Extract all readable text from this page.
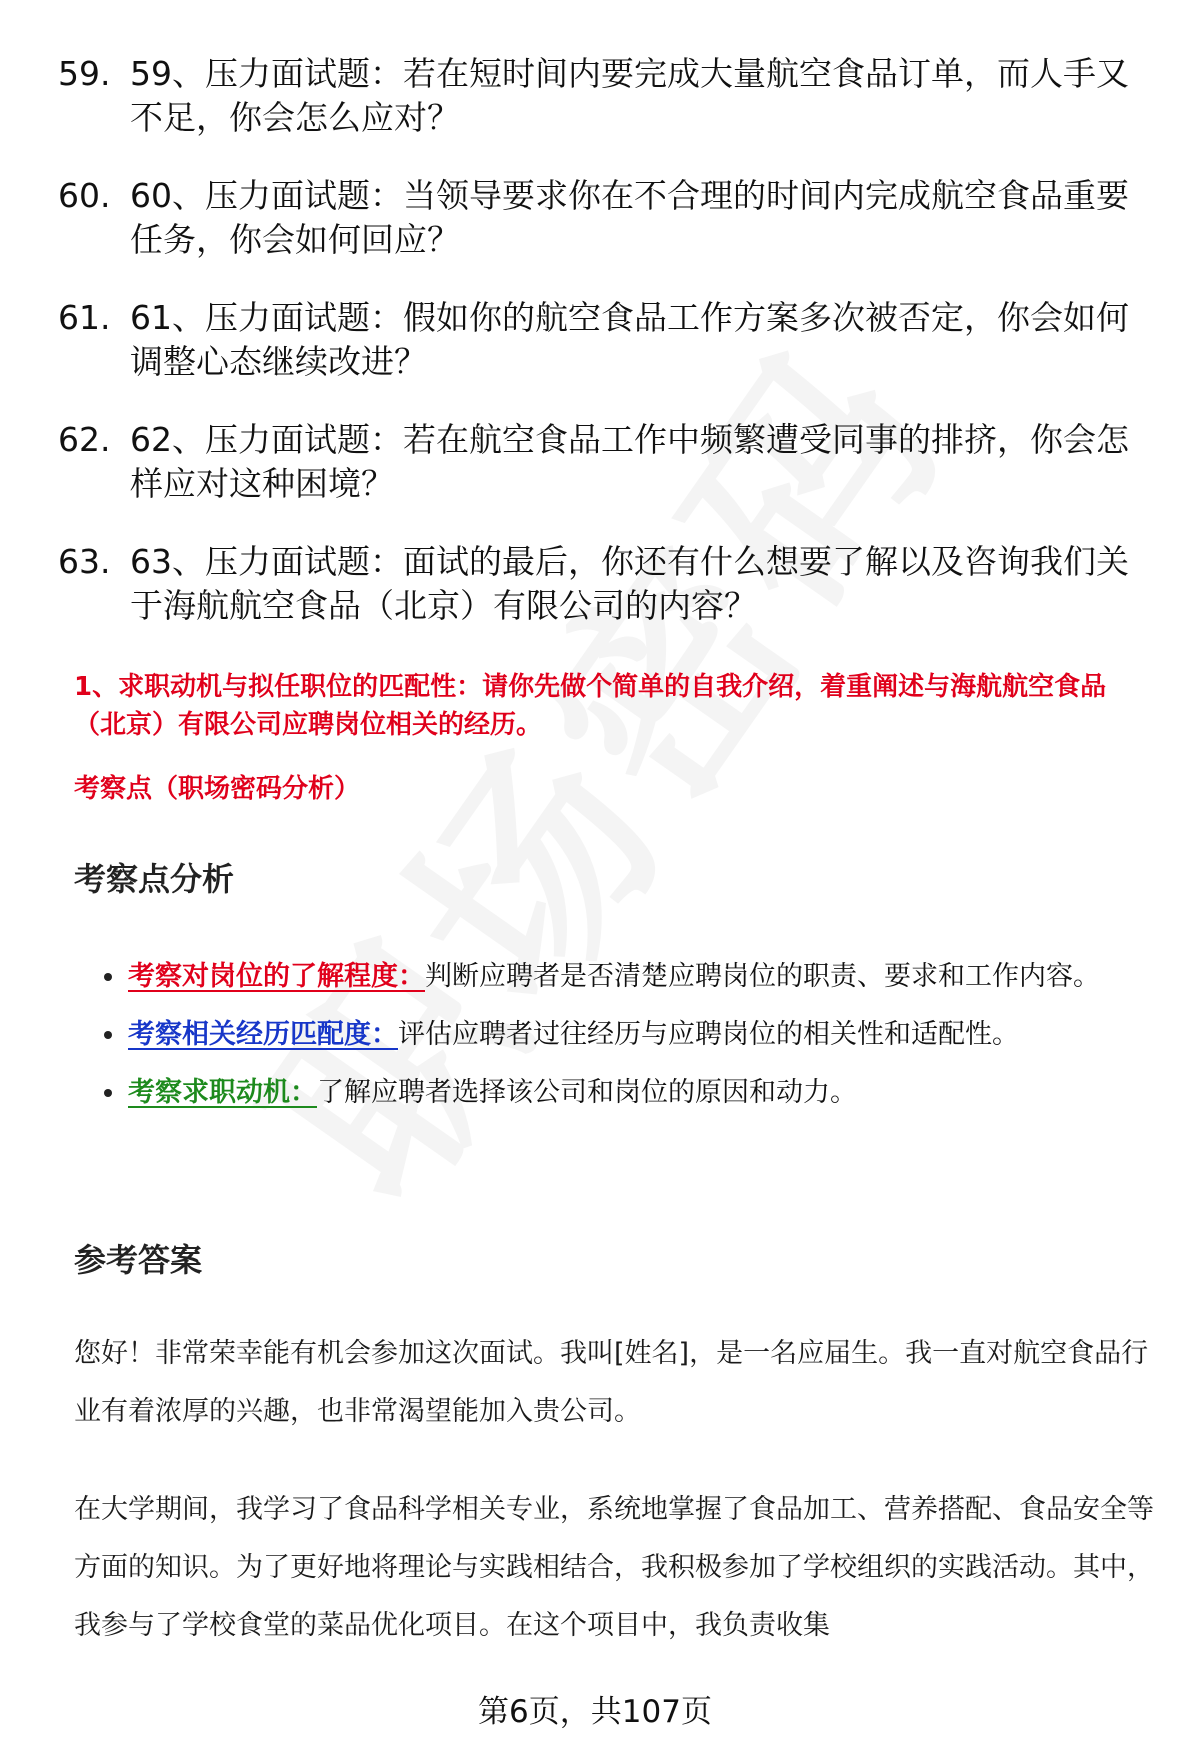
59. 59、压力面试题：若在短时间内要完成大量航空食品订单，而人手又不足，你会怎么应对？
60. 60、压力面试题：当领导要求你在不合理的时间内完成航空食品重要任务，你会如何回应？
61. 61、压力面试题：假如你的航空食品工作方案多次被否定，你会如何调整心态继续改进？
62. 62、压力面试题：若在航空食品工作中频繁遭受同事的排挤，你会怎样应对这种困境？
63. 63、压力面试题：面试的最后，你还有什么想要了解以及咨询我们关于海航航空食品（北京）有限公司的内容？
1、求职动机与拟任职位的匹配性：请你先做个简单的自我介绍，着重阐述与海航航空食品（北京）有限公司应聘岗位相关的经历。
考察点（职场密码分析）
考察点分析
考察对岗位的了解程度：判断应聘者是否清楚应聘岗位的职责、要求和工作内容。
考察相关经历匹配度：评估应聘者过往经历与应聘岗位的相关性和适配性。
考察求职动机：了解应聘者选择该公司和岗位的原因和动力。
参考答案

您好！非常荣幸能有机会参加这次面试。我叫[姓名]，是一名应届生。我一直对航空食品行业有着浓厚的兴趣，也非常渴望能加入贵公司。

在大学期间，我学习了食品科学相关专业，系统地掌握了食品加工、营养搭配、食品安全等方面的知识。为了更好地将理论与实践相结合，我积极参加了学校组织的实践活动。其中，我参与了学校食堂的菜品优化项目。在这个项目中，我负责收集

第6页，共107页
